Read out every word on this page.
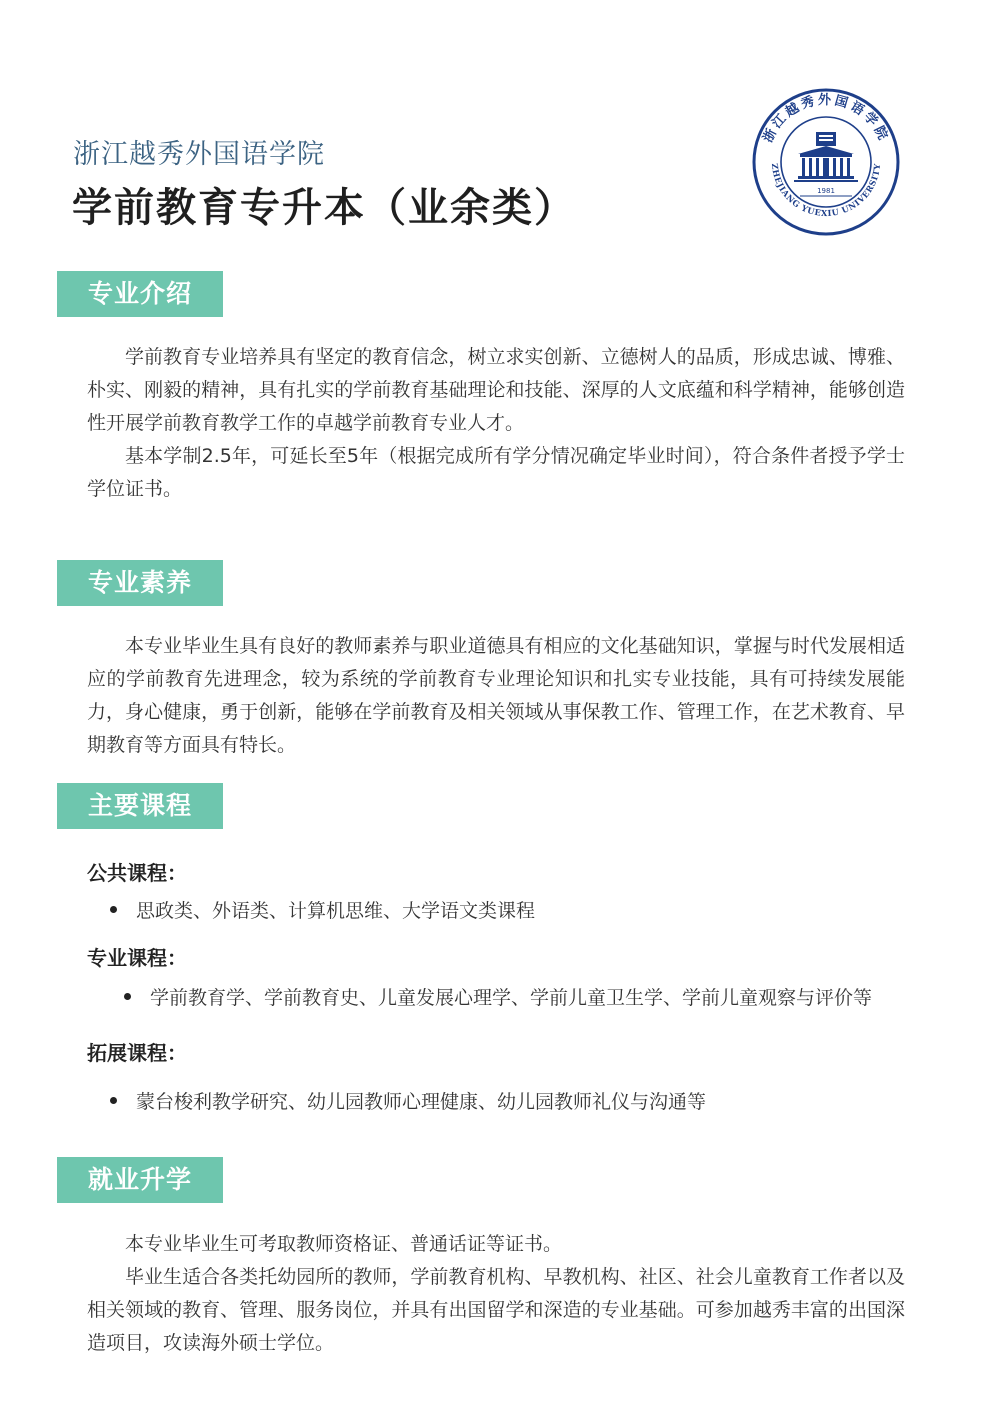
浙江越秀外国语学院
学前教育专升本（业余类）
浙江越秀外国语学院
ZHEJIANG YUEXIU UNIVERSITY
1981
专业介绍

学前教育专业培养具有坚定的教育信念，树立求实创新、立德树人的品质，形成忠诚、博雅、朴实、刚毅的精神，具有扎实的学前教育基础理论和技能、深厚的人文底蕴和科学精神，能够创造性开展学前教育教学工作的卓越学前教育专业人才。

基本学制2.5年，可延长至5年（根据完成所有学分情况确定毕业时间），符合条件者授予学士学位证书。

专业素养

本专业毕业生具有良好的教师素养与职业道德具有相应的文化基础知识，掌握与时代发展相适应的学前教育先进理念，较为系统的学前教育专业理论知识和扎实专业技能，具有可持续发展能力，身心健康，勇于创新，能够在学前教育及相关领域从事保教工作、管理工作，在艺术教育、早期教育等方面具有特长。

主要课程
公共课程：
思政类、外语类、计算机思维、大学语文类课程
专业课程：
学前教育学、学前教育史、儿童发展心理学、学前儿童卫生学、学前儿童观察与评价等
拓展课程：
蒙台梭利教学研究、幼儿园教师心理健康、幼儿园教师礼仪与沟通等
就业升学

本专业毕业生可考取教师资格证、普通话证等证书。

毕业生适合各类托幼园所的教师，学前教育机构、早教机构、社区、社会儿童教育工作者以及相关领域的教育、管理、服务岗位，并具有出国留学和深造的专业基础。可参加越秀丰富的出国深造项目，攻读海外硕士学位。
